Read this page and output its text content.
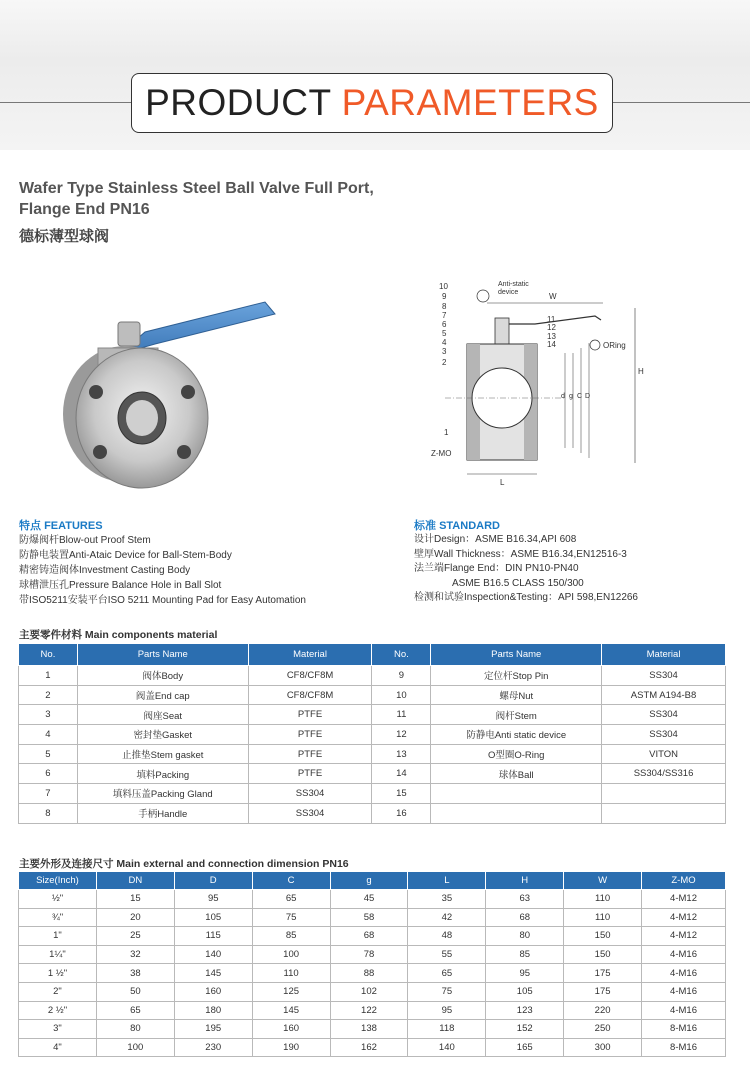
PRODUCT PARAMETERS
Wafer Type Stainless Steel Ball Valve Full Port,
Flange End PN16
德标薄型球阀
10
9
8
7
6
5
4
3
2
1
Anti-static
device	W
11
12
13
14	ORing
Z-MO
L
d g C D
H
特点 FEATURES
防爆阀杆Blow-out Proof Stem
防静电装置Anti-Ataic Device for Ball-Stem-Body
精密铸造阀体Investment Casting Body
球槽泄压孔Pressure Balance Hole in Ball Slot
带ISO5211安装平台ISO 5211 Mounting Pad for Easy Automation
标准 STANDARD
设计Design：ASME B16.34,API 608
壁厚Wall Thickness：ASME B16.34,EN12516-3
法兰端Flange End：DIN PN10-PN40
ASME B16.5 CLASS 150/300
检测和试验Inspection&Testing：API 598,EN12266
主要零件材料 Main components material
No.	Parts Name	Material	No.	Parts Name	Material
1	阀体Body	CF8/CF8M	9	定位杆Stop Pin	SS304
2	阀盖End cap	CF8/CF8M	10	螺母Nut	ASTM A194-B8
3	阀座Seat	PTFE	11	阀杆Stem	SS304
4	密封垫Gasket	PTFE	12	防静电Anti static device	SS304
5	止推垫Stem gasket	PTFE	13	O型圈O-Ring	VITON
6	填料Packing	PTFE	14	球体Ball	SS304/SS316
7	填料压盖Packing Gland	SS304	15		
8	手柄Handle	SS304	16		
主要外形及连接尺寸 Main external and connection dimension PN16
Size(Inch)	DN	D	C	g	L	H	W	Z-MO
½"	15	95	65	45	35	63	110	4-M12
¾"	20	105	75	58	42	68	110	4-M12
1"	25	115	85	68	48	80	150	4-M12
1¼"	32	140	100	78	55	85	150	4-M16
1 ½"	38	145	110	88	65	95	175	4-M16
2"	50	160	125	102	75	105	175	4-M16
2 ½"	65	180	145	122	95	123	220	4-M16
3"	80	195	160	138	118	152	250	8-M16
4"	100	230	190	162	140	165	300	8-M16
